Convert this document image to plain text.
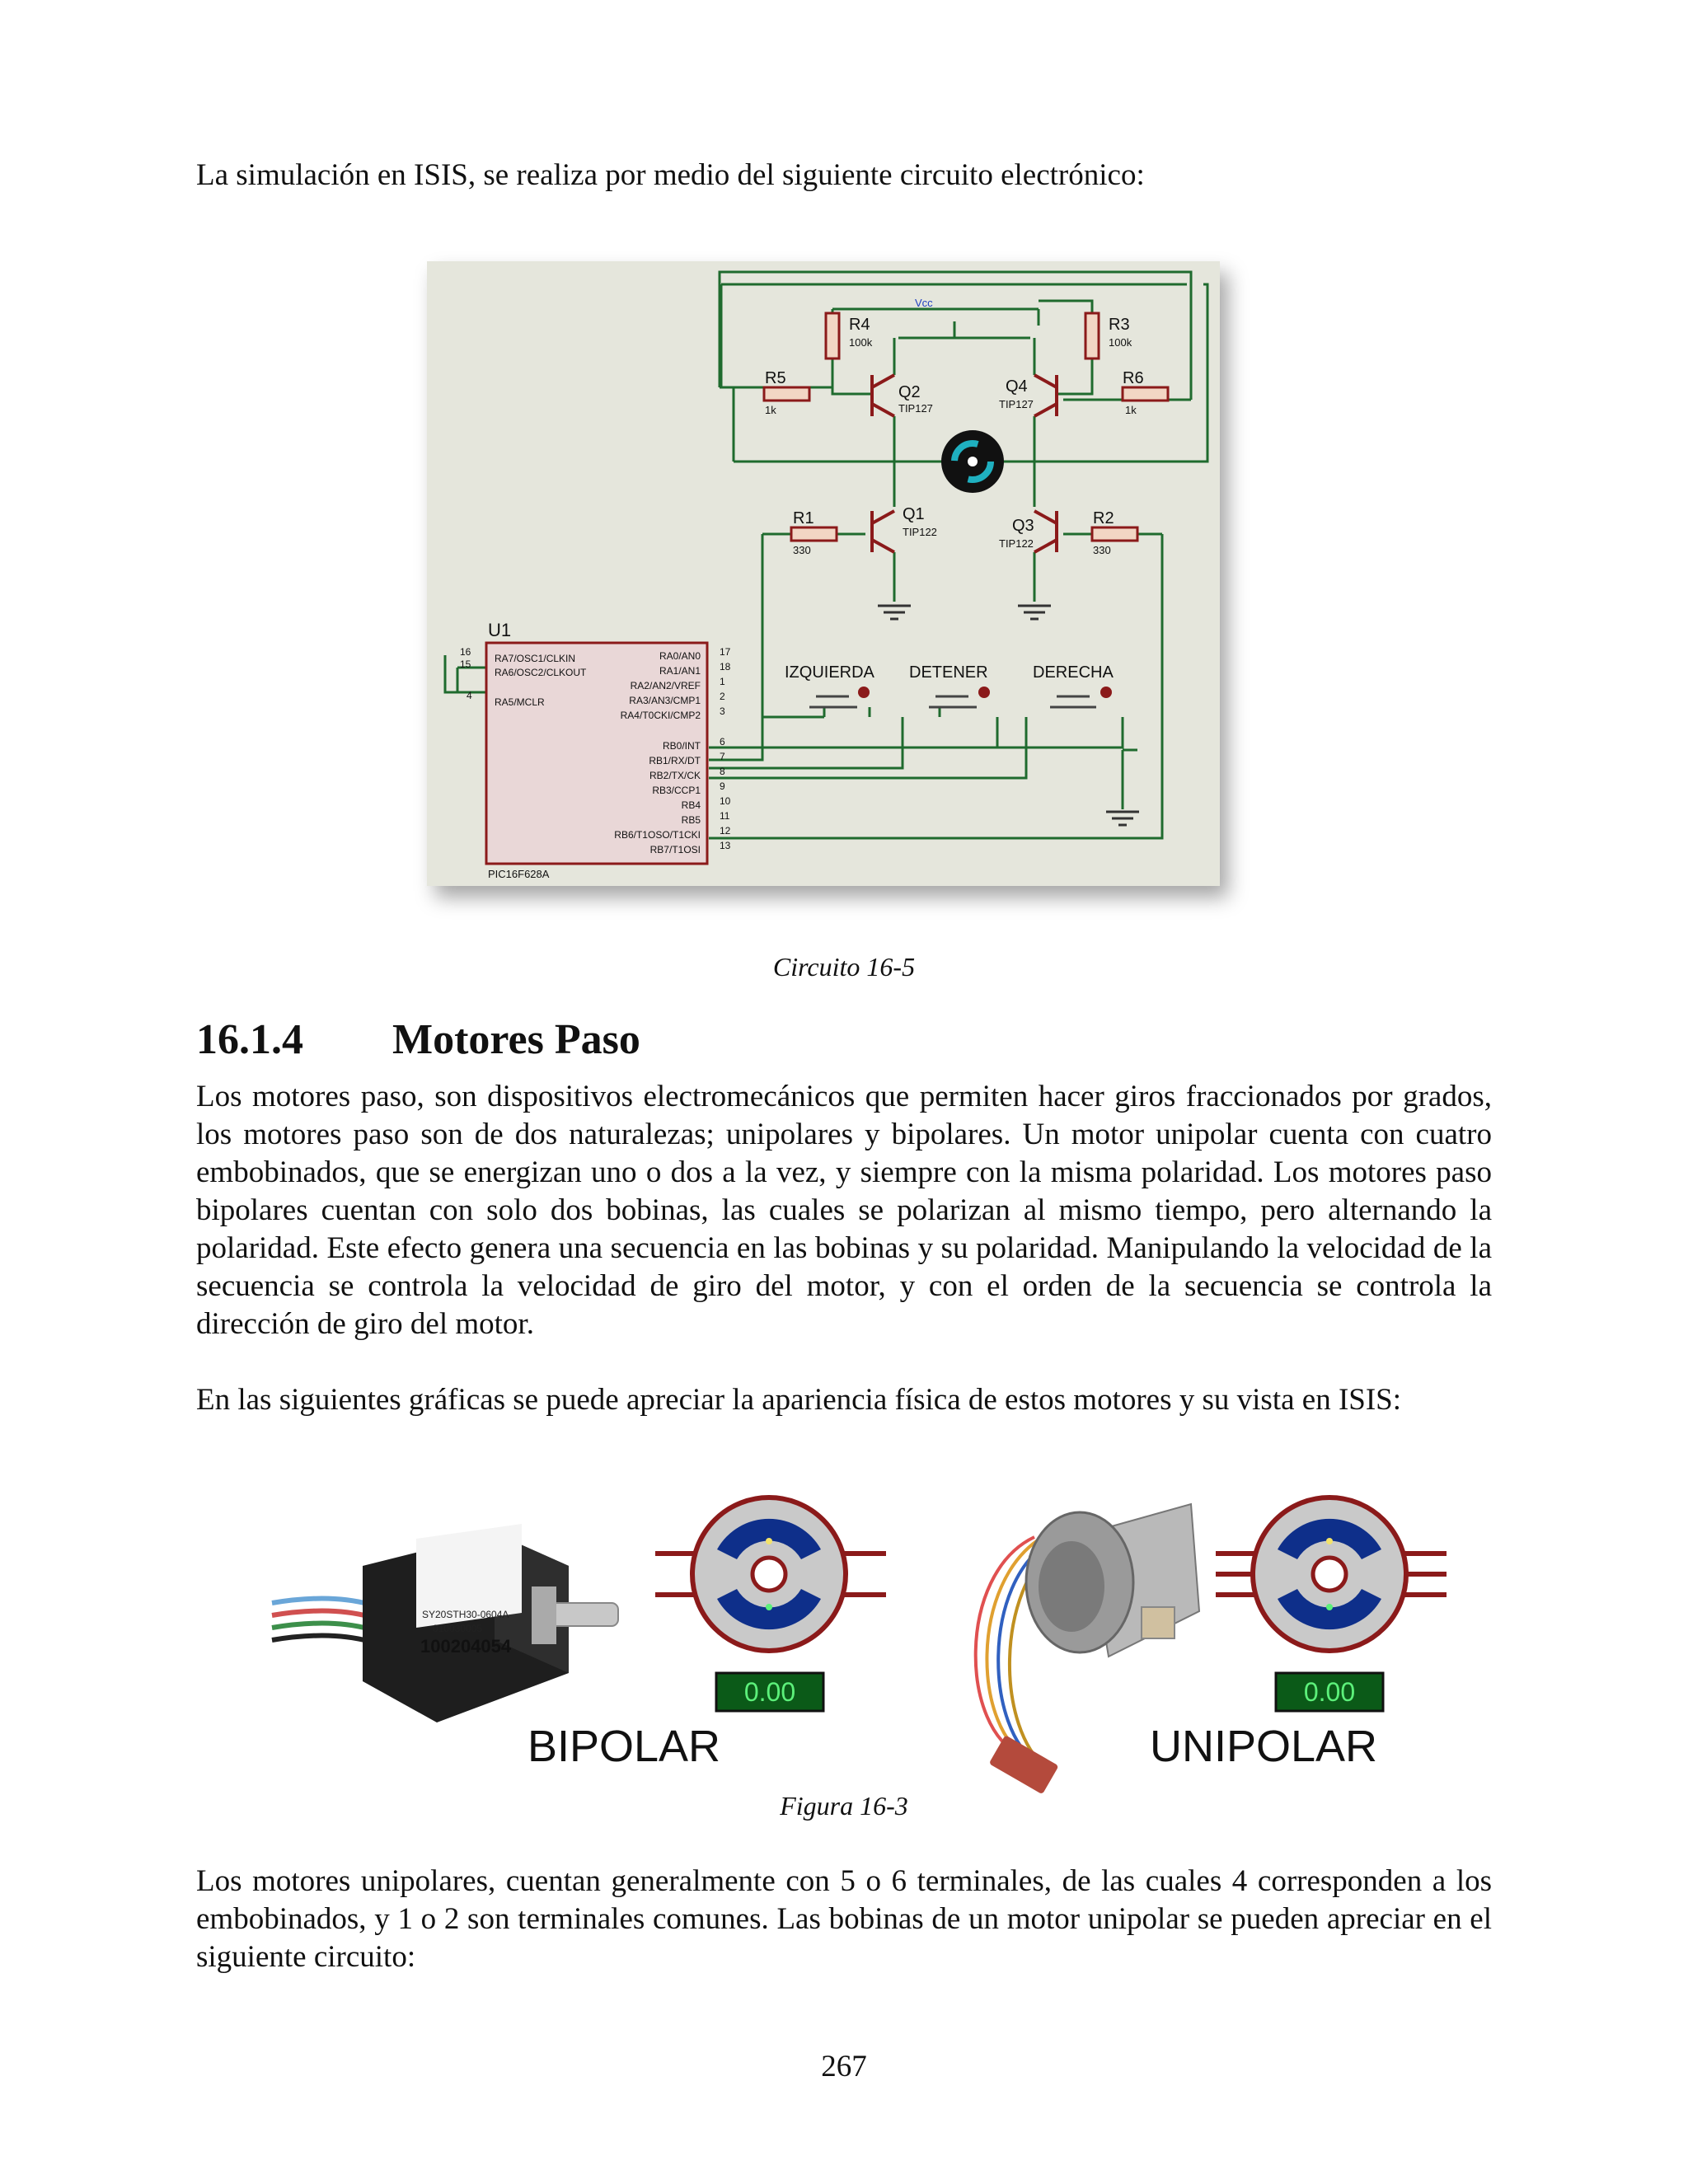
La simulación en ISIS, se realiza por medio del siguiente circuito electrónico:

R4
100k
R3
100k
R5
1k
R6
1k
R1
330
R2
330
Q2
TIP127
Q4
TIP127
Q1
TIP122	Q3
TIP122
Vcc
U1
PIC16F628A
IZQUIERDA DETENER	DERECHA
16
RA7/OSC1/CLKIN
15
RA6/OSC2/CLKOUT
4
RA5/MCLR
RA0/AN0
RA1/AN1
RA2/AN2/VREF
RA3/AN3/CMP1
RA4/T0CKI/CMP2
RB0/INT
RB1/RX/DT
RB2/TX/CK
RB3/CCP1
RB4
RB5
RB6/T1OSO/T1CKI
RB7/T1OSI
17
18
1
2
3
6
7
8
9
10
11
12
13
Circuito 16-5
16.1.4 Motores Paso

Los motores paso, son dispositivos electromecánicos que permiten hacer giros fraccionados por grados, los motores paso son de dos naturalezas; unipolares y bipolares. Un motor unipolar cuenta con cuatro embobinados, que se energizan uno o dos a la vez, y siempre con la misma polaridad. Los motores paso bipolares cuentan con solo dos bobinas, las cuales se polarizan al mismo tiempo, pero alternando la polaridad. Este efecto genera una secuencia en las bobinas y su polaridad. Manipulando la velocidad de la secuencia se controla la velocidad de giro del motor, y con el orden de la secuencia se controla la dirección de giro del motor.

En las siguientes gráficas se puede apreciar la apariencia física de estos motores y su vista en ISIS:

SY20STH30-0604A
010030005
100204054
0.00
BIPOLAR
0.00
UNIPOLAR
Figura 16-3

Los motores unipolares, cuentan generalmente con 5 o 6 terminales, de las cuales 4 corresponden a los embobinados, y 1 o 2 son terminales comunes. Las bobinas de un motor unipolar se pueden apreciar en el siguiente circuito:

267
